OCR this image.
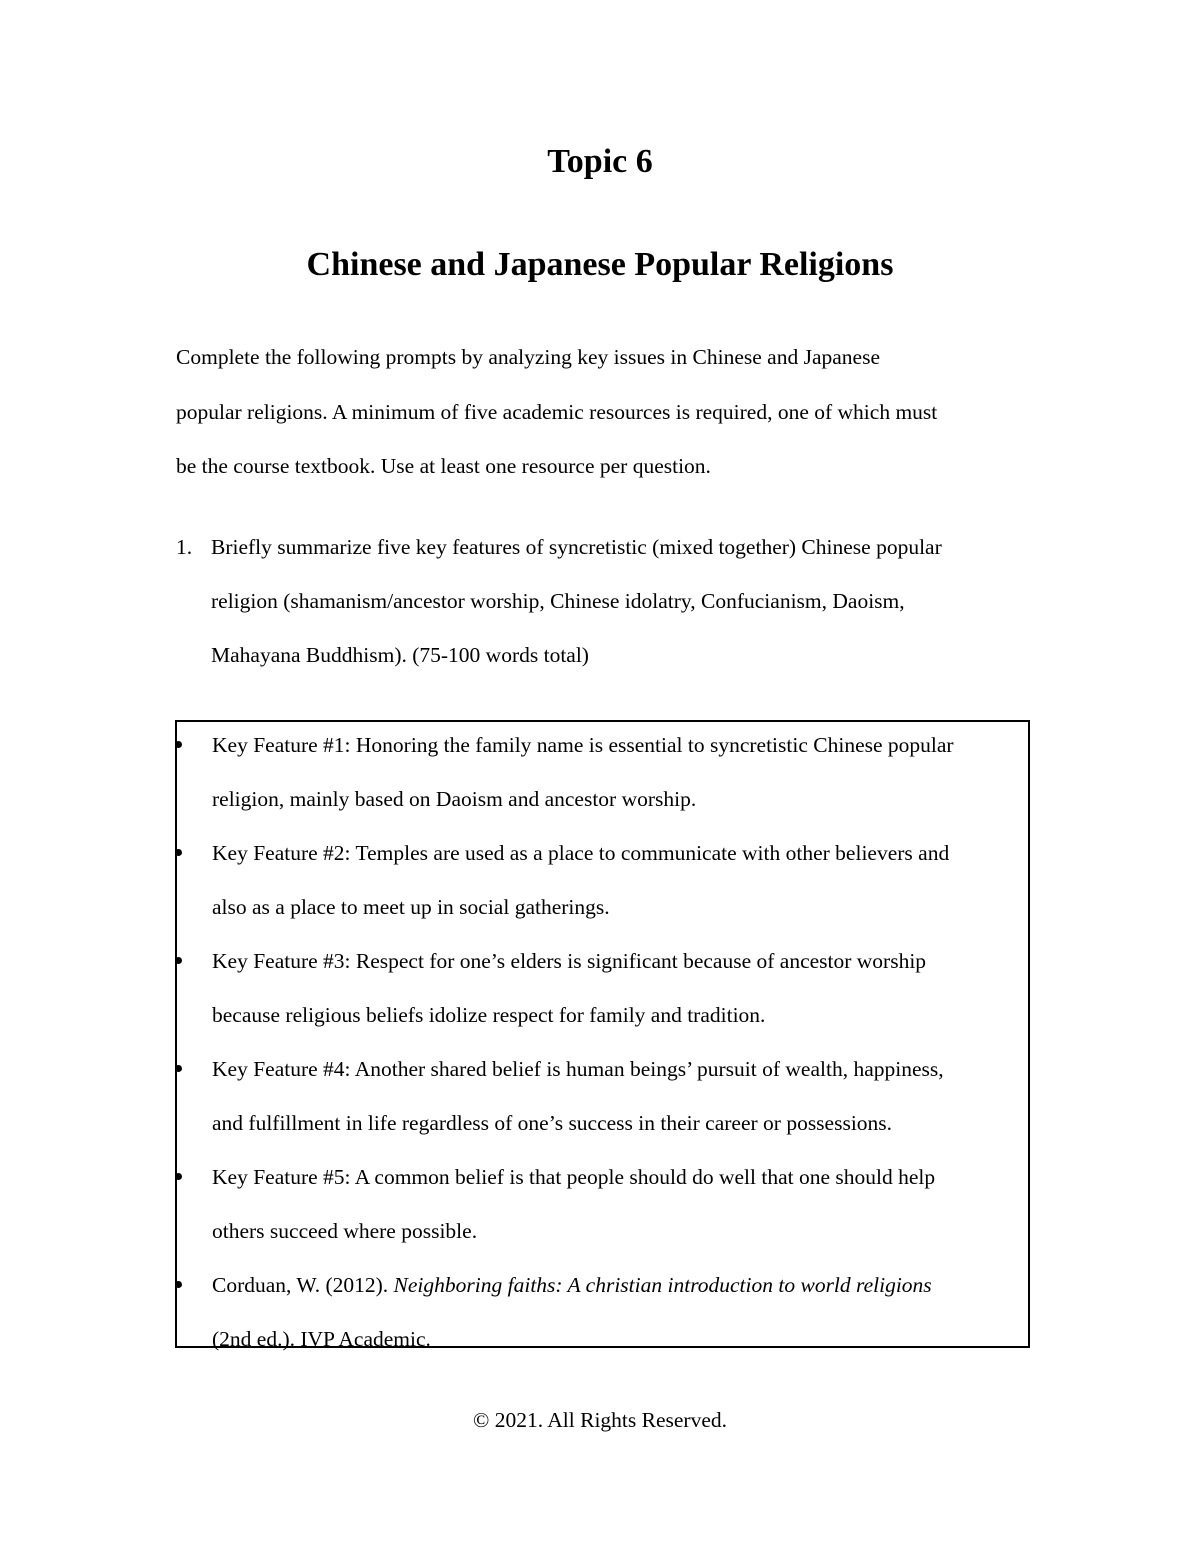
Topic 6
Chinese and Japanese Popular Religions

Complete the following prompts by analyzing key issues in Chinese and Japanese

popular religions. A minimum of five academic resources is required, one of which must

be the course textbook. Use at least one resource per question.

1. Briefly summarize five key features of syncretistic (mixed together) Chinese popular
religion (shamanism/ancestor worship, Chinese idolatry, Confucianism, Daoism,
Mahayana Buddhism). (75-100 words total)
Key Feature #1: Honoring the family name is essential to syncretistic Chinese popular
religion, mainly based on Daoism and ancestor worship.
Key Feature #2: Temples are used as a place to communicate with other believers and
also as a place to meet up in social gatherings.
Key Feature #3: Respect for one’s elders is significant because of ancestor worship
because religious beliefs idolize respect for family and tradition.
Key Feature #4: Another shared belief is human beings’ pursuit of wealth, happiness,
and fulfillment in life regardless of one’s success in their career or possessions.
Key Feature #5: A common belief is that people should do well that one should help
others succeed where possible.
Corduan, W. (2012). Neighboring faiths: A christian introduction to world religions
(2nd ed.). IVP Academic.
© 2021. All Rights Reserved.
